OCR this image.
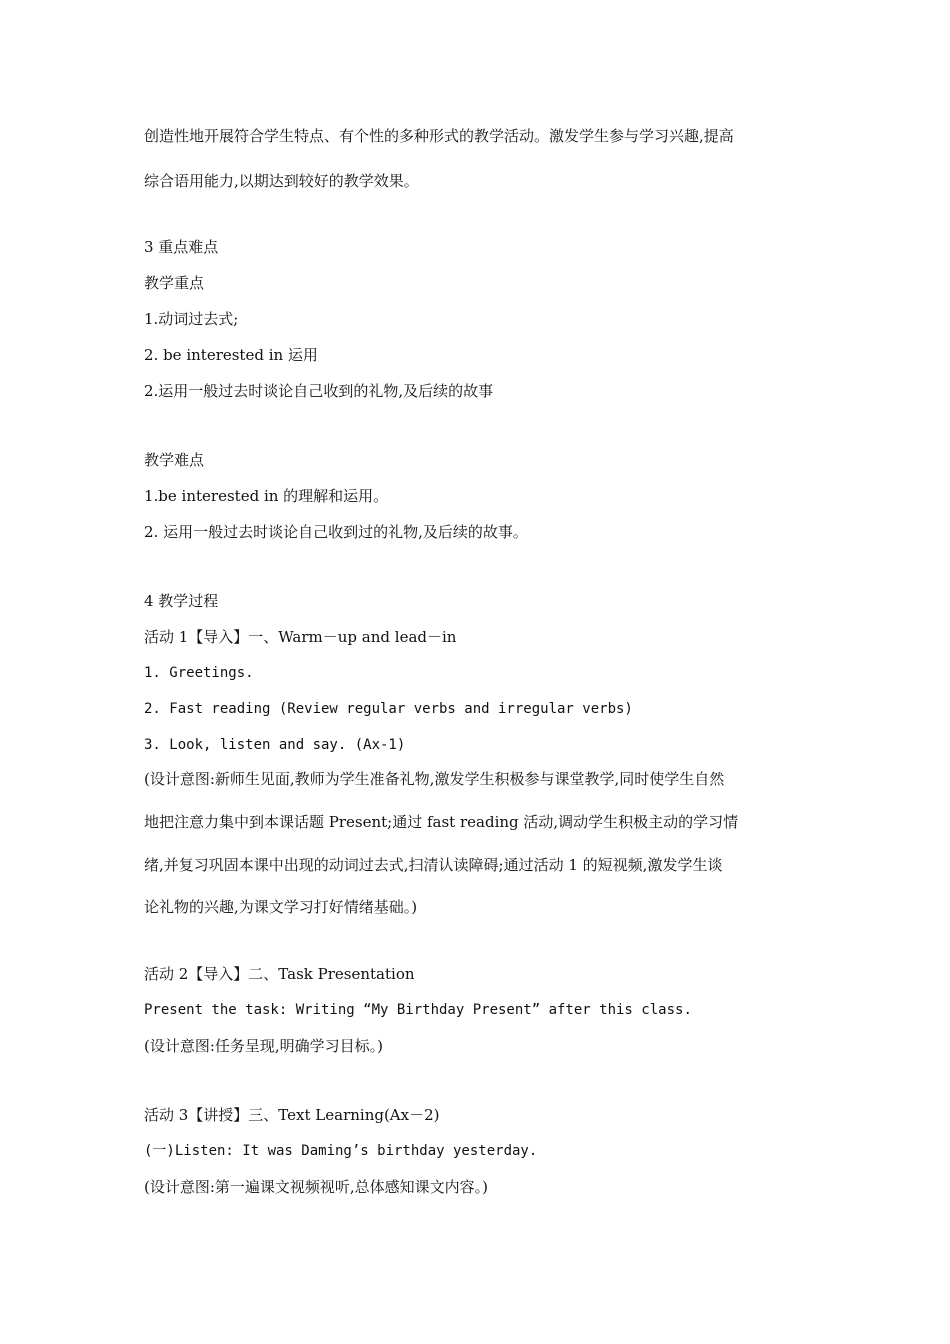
创造性地开展符合学生特点、有个性的多种形式的教学活动。激发学生参与学习兴趣,提高
综合语用能力,以期达到较好的教学效果。
3 重点难点
教学重点
1.动词过去式;
2. be interested in 运用
2.运用一般过去时谈论自己收到的礼物,及后续的故事
教学难点
1.be interested in 的理解和运用。
2. 运用一般过去时谈论自己收到过的礼物,及后续的故事。
4 教学过程
活动 1【导入】一、Warm－up and lead－in
1. Greetings.
2. Fast reading (Review regular verbs and irregular verbs)
3. Look, listen and say. (Ax-1)
(设计意图:新师生见面,教师为学生准备礼物,激发学生积极参与课堂教学,同时使学生自然
地把注意力集中到本课话题 Present;通过 fast reading 活动,调动学生积极主动的学习情
绪,并复习巩固本课中出现的动词过去式,扫清认读障碍;通过活动 1 的短视频,激发学生谈
论礼物的兴趣,为课文学习打好情绪基础。)
活动 2【导入】二、Task Presentation
Present the task: Writing “My Birthday Present” after this class.
(设计意图:任务呈现,明确学习目标。)
活动 3【讲授】三、Text Learning(Ax－2)
(一)Listen: It was Daming’s birthday yesterday.
(设计意图:第一遍课文视频视听,总体感知课文内容。)
